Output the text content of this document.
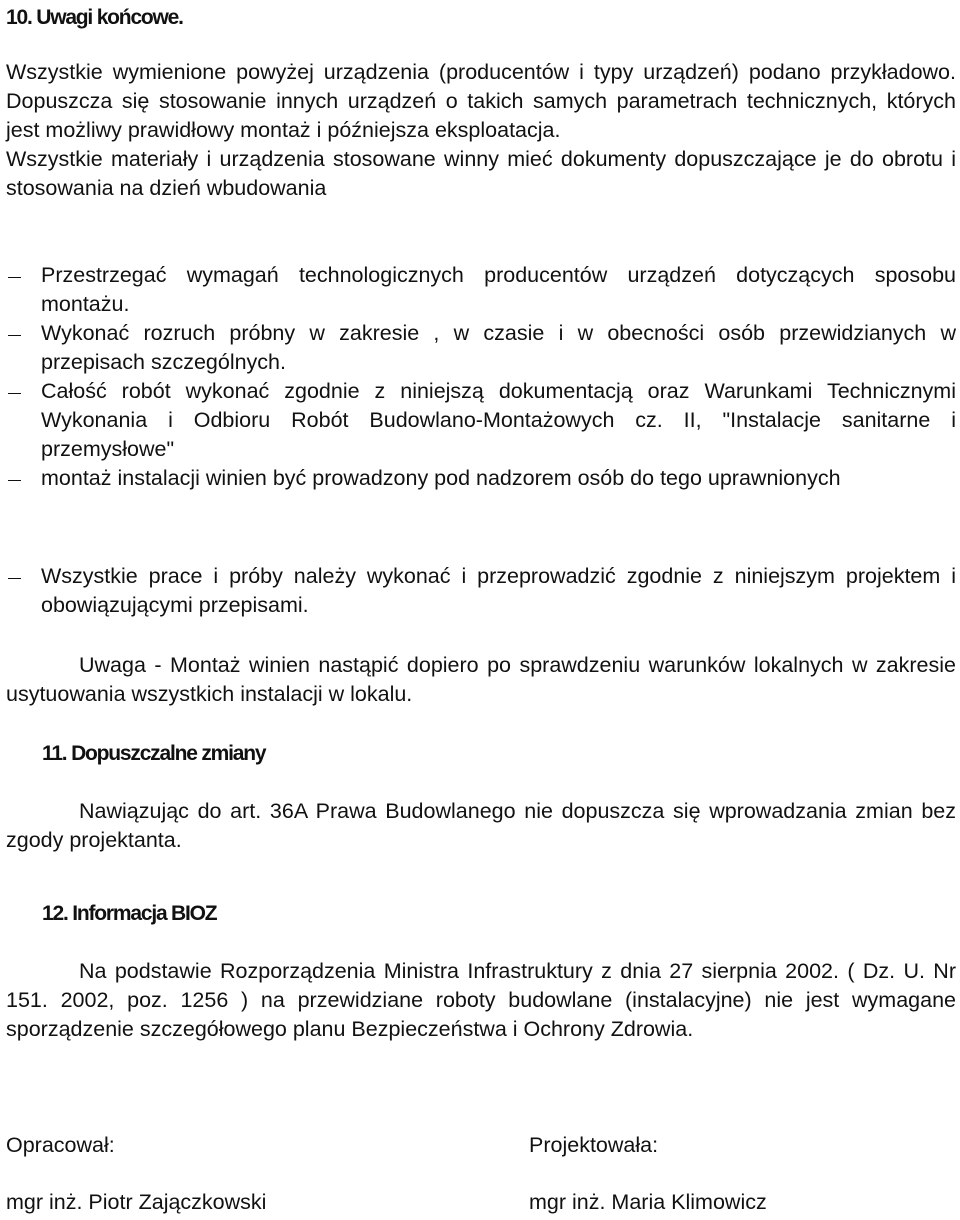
10. Uwagi końcowe.

Wszystkie wymienione powyżej urządzenia (producentów i typy urządzeń) podano przykładowo. Dopuszcza się stosowanie innych urządzeń o takich samych parametrach technicznych, których jest możliwy prawidłowy montaż i późniejsza eksploatacja.

Wszystkie materiały i urządzenia stosowane winny mieć dokumenty dopuszczające je do obrotu i stosowania na dzień wbudowania

Przestrzegać wymagań technologicznych producentów urządzeń dotyczących sposobu montażu.
Wykonać rozruch próbny w zakresie , w czasie i w obecności osób przewidzianych w przepisach szczególnych.
Całość robót wykonać zgodnie z niniejszą dokumentacją oraz Warunkami Technicznymi Wykonania i Odbioru Robót Budowlano-Montażowych cz. II, "Instalacje sanitarne i przemysłowe"
montaż instalacji winien być prowadzony pod nadzorem osób do tego uprawnionych
Wszystkie prace i próby należy wykonać i przeprowadzić zgodnie z niniejszym projektem i obowiązującymi przepisami.

Uwaga - Montaż winien nastąpić dopiero po sprawdzeniu warunków lokalnych w zakresie usytuowania wszystkich instalacji w lokalu.

11. Dopuszczalne zmiany

Nawiązując do art. 36A Prawa Budowlanego nie dopuszcza się wprowadzania zmian bez zgody projektanta.

12. Informacja BIOZ

Na podstawie Rozporządzenia Ministra Infrastruktury z dnia 27 sierpnia 2002. ( Dz. U. Nr 151. 2002, poz. 1256 ) na przewidziane roboty budowlane (instalacyjne) nie jest wymagane sporządzenie szczegółowego planu Bezpieczeństwa i Ochrony Zdrowia.

Opracował:	Projektowała:
mgr inż. Piotr Zajączkowski	mgr inż. Maria Klimowicz
